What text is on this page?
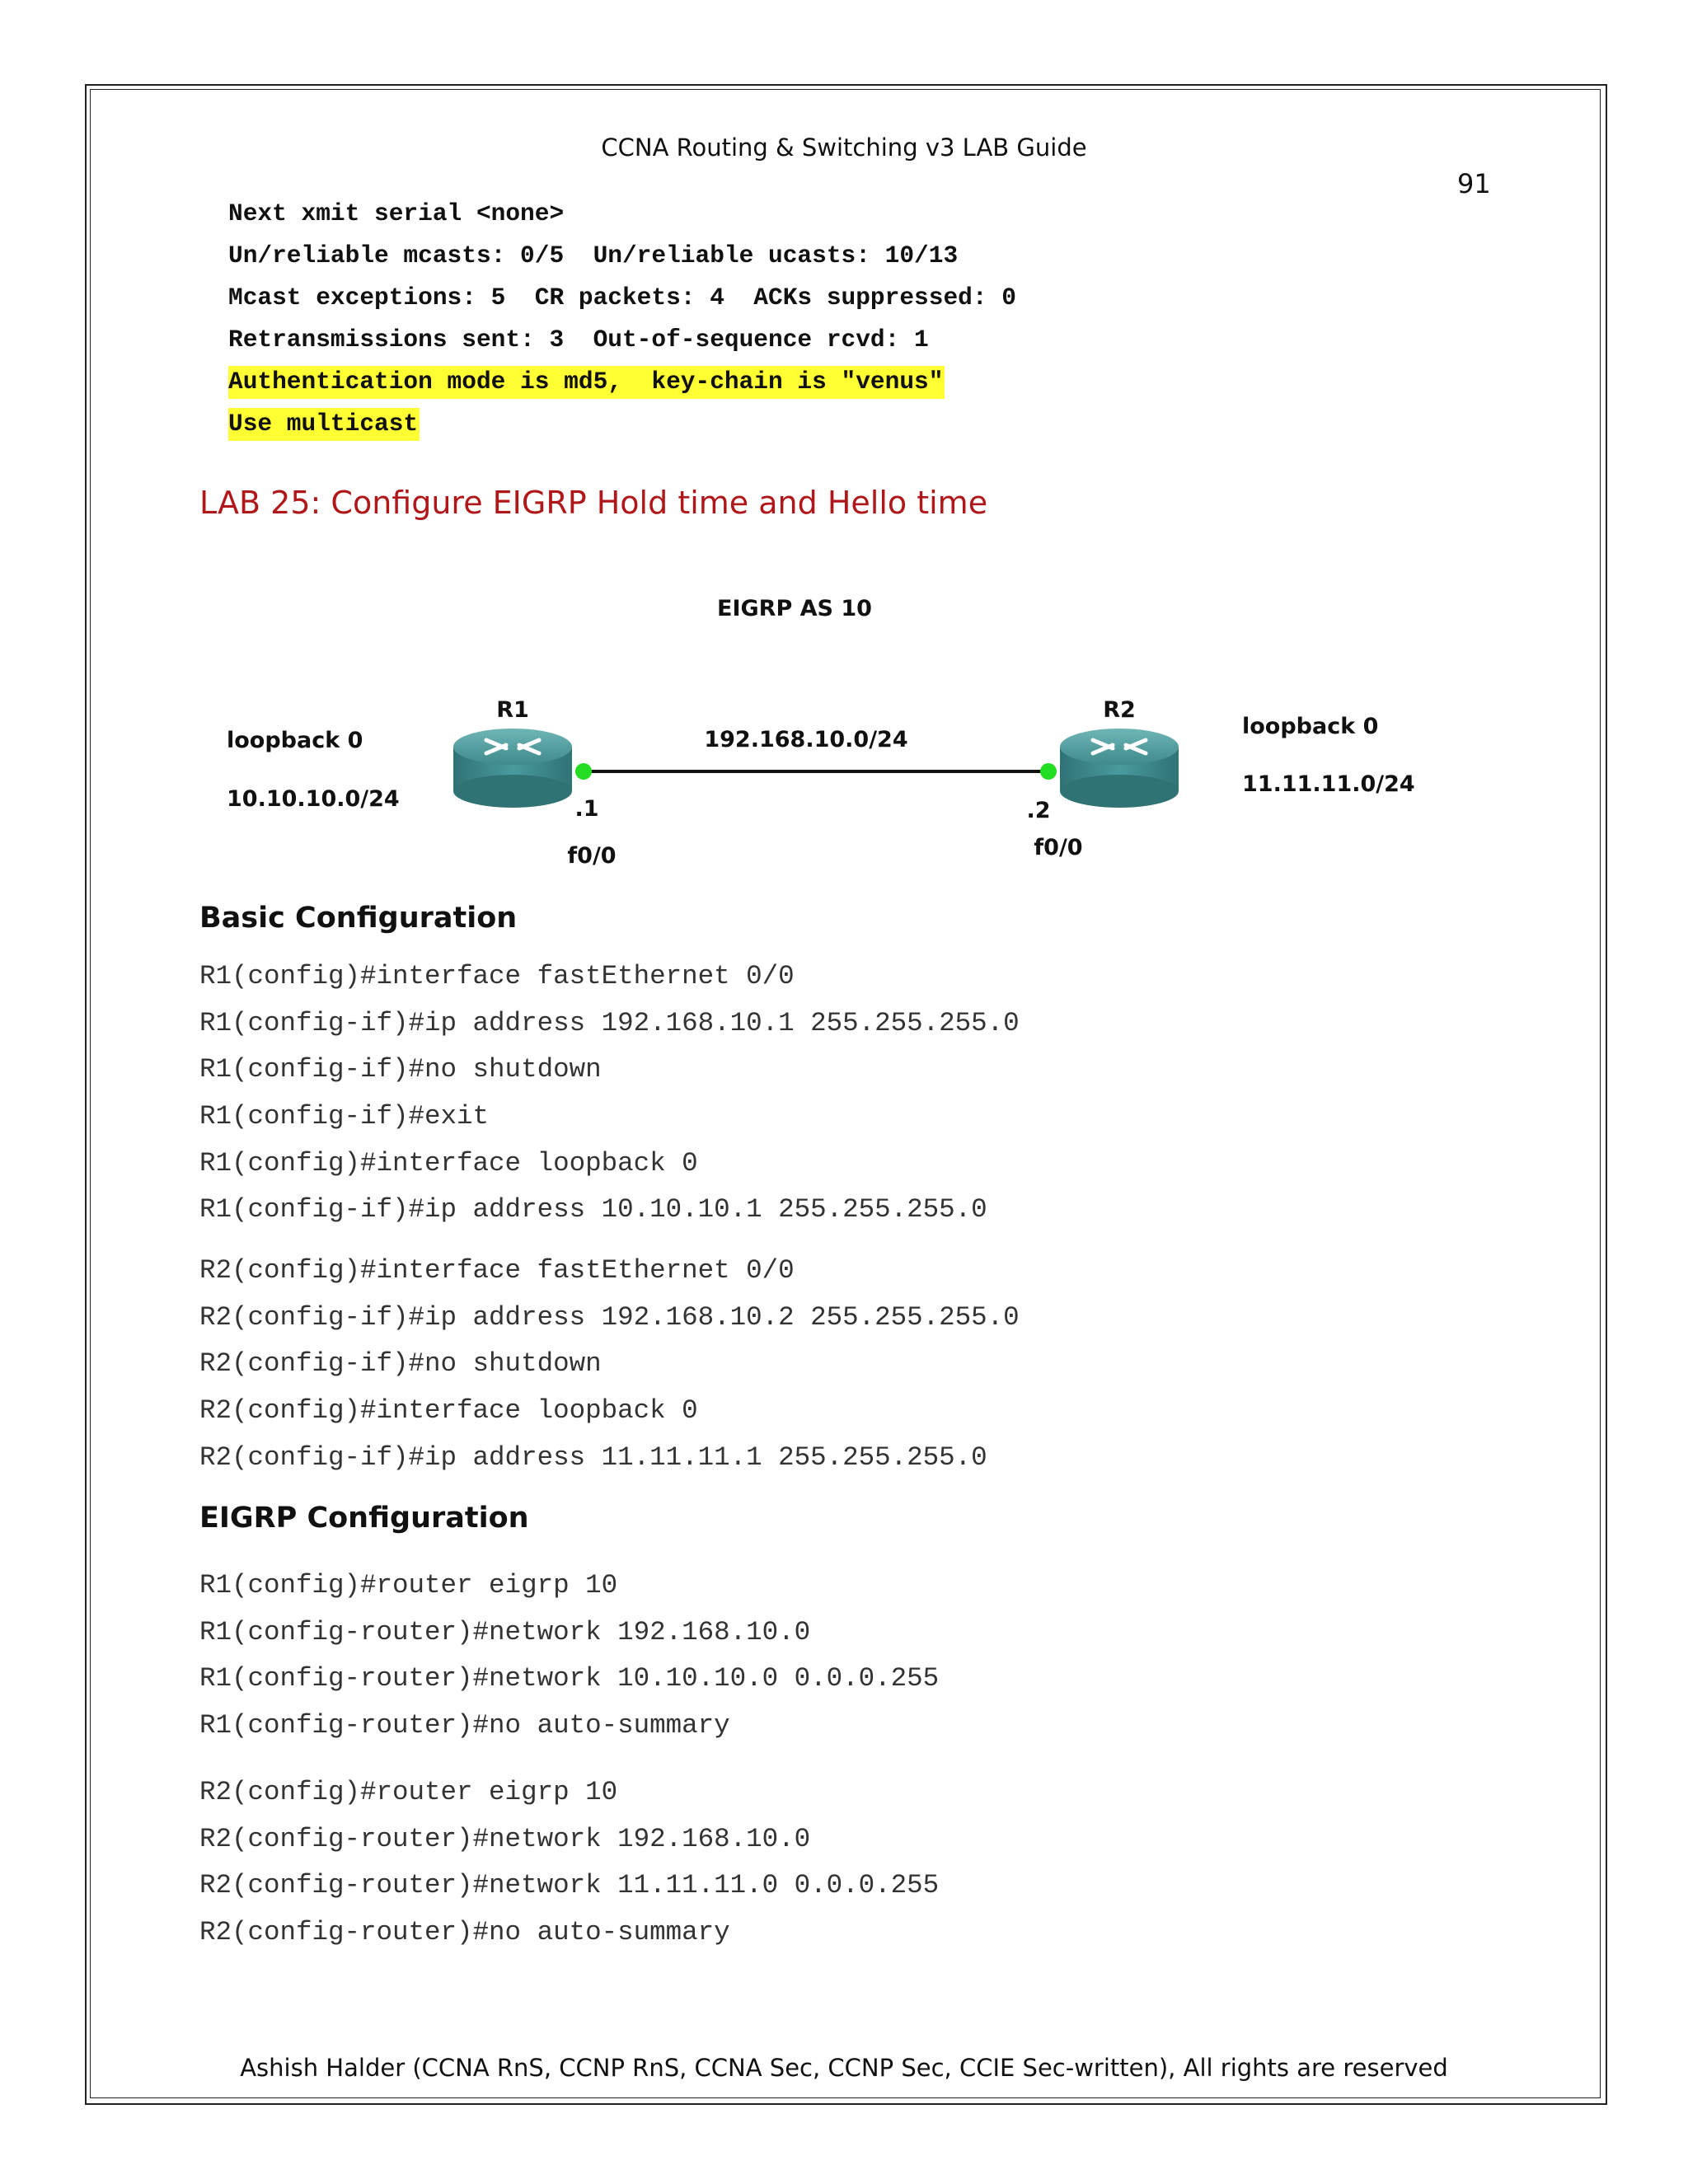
CCNA Routing & Switching v3 LAB Guide
91
Next xmit serial <none>
Un/reliable mcasts: 0/5  Un/reliable ucasts: 10/13
Mcast exceptions: 5  CR packets: 4  ACKs suppressed: 0
Retransmissions sent: 3  Out-of-sequence rcvd: 1
Authentication mode is md5,  key-chain is "venus"
Use multicast
LAB 25: Configure EIGRP Hold time and Hello time
EIGRP AS 10
192.168.10.0/24
R1
.1
f0/0
loopback 0
10.10.10.0/24
R2
.2
f0/0
loopback 0
11.11.11.0/24
Basic Configuration
R1(config)#interface fastEthernet 0/0
R1(config-if)#ip address 192.168.10.1 255.255.255.0
R1(config-if)#no shutdown
R1(config-if)#exit
R1(config)#interface loopback 0
R1(config-if)#ip address 10.10.10.1 255.255.255.0
R2(config)#interface fastEthernet 0/0
R2(config-if)#ip address 192.168.10.2 255.255.255.0
R2(config-if)#no shutdown
R2(config)#interface loopback 0
R2(config-if)#ip address 11.11.11.1 255.255.255.0
EIGRP Configuration
R1(config)#router eigrp 10
R1(config-router)#network 192.168.10.0
R1(config-router)#network 10.10.10.0 0.0.0.255
R1(config-router)#no auto-summary
R2(config)#router eigrp 10
R2(config-router)#network 192.168.10.0
R2(config-router)#network 11.11.11.0 0.0.0.255
R2(config-router)#no auto-summary
Ashish Halder (CCNA RnS, CCNP RnS, CCNA Sec, CCNP Sec, CCIE Sec-written), All rights are reserved
